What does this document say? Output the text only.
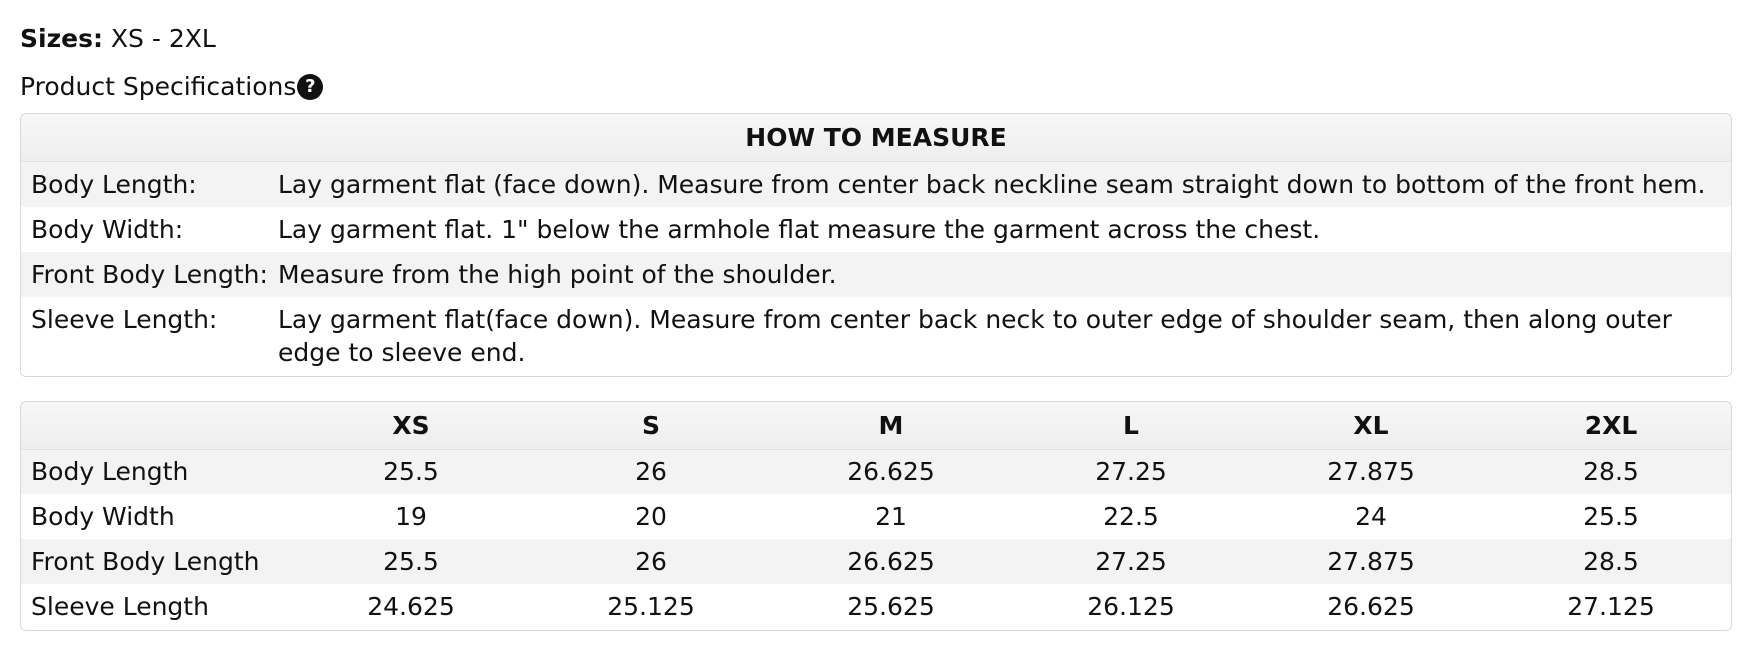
Sizes: XS - 2XL

Product Specifications ?
HOW TO MEASURE	
Body Length:	Lay garment flat (face down). Measure from center back neckline seam straight down to bottom of the front hem.
Body Width:	Lay garment flat. 1" below the armhole flat measure the garment across the chest.
Front Body Length:	Measure from the high point of the shoulder.
Sleeve Length:	Lay garment flat(face down). Measure from center back neck to outer edge of shoulder seam, then along outer edge to sleeve end.
	XS	S	M	L	XL	2XL
Body Length	25.5	26	26.625	27.25	27.875	28.5
Body Width	19	20	21	22.5	24	25.5
Front Body Length	25.5	26	26.625	27.25	27.875	28.5
Sleeve Length	24.625	25.125	25.625	26.125	26.625	27.125
